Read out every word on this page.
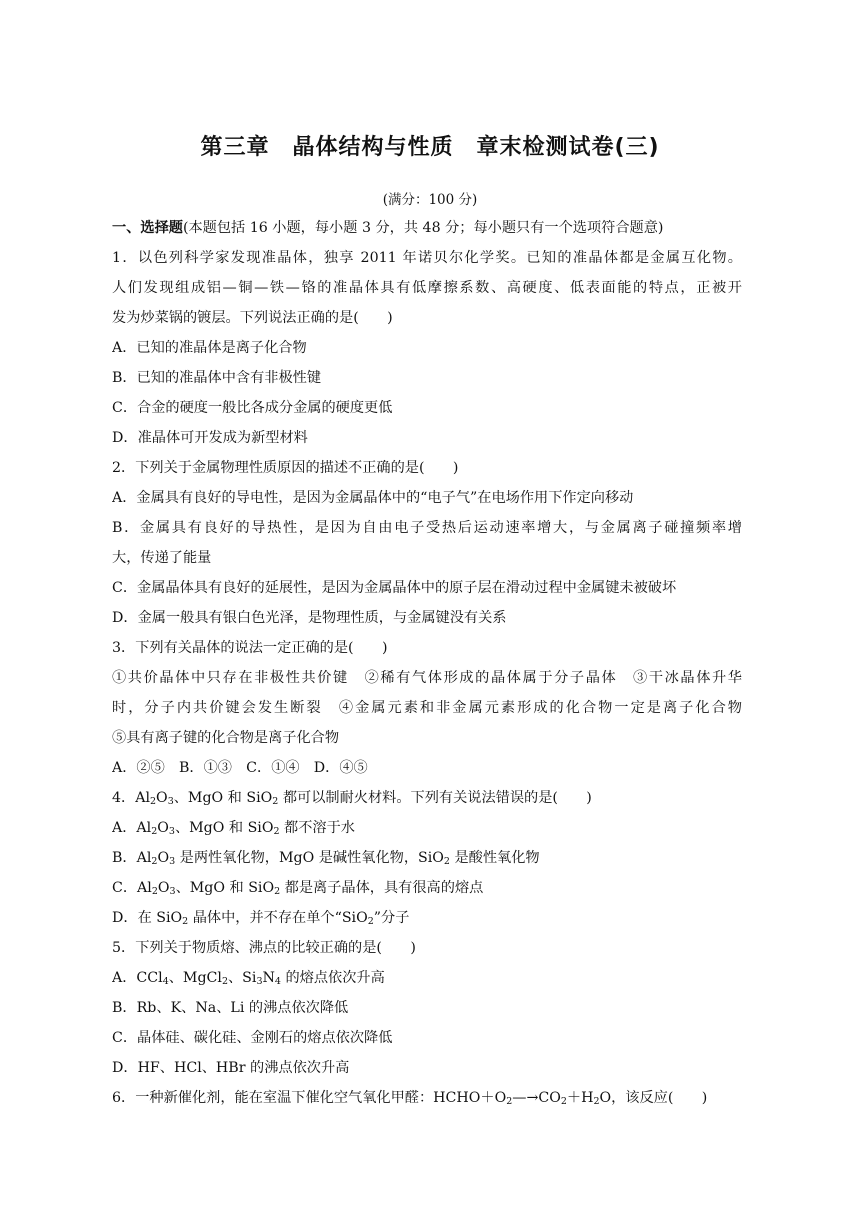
第三章　晶体结构与性质　章末检测试卷(三)
(满分：100 分)
一、选择题(本题包括 16 小题，每小题 3 分，共 48 分；每小题只有一个选项符合题意)
1．以色列科学家发现准晶体，独享 2011 年诺贝尔化学奖。已知的准晶体都是金属互化物。
人们发现组成铝—铜—铁—铬的准晶体具有低摩擦系数、高硬度、低表面能的特点，正被开
发为炒菜锅的镀层。下列说法正确的是(　　)
A．已知的准晶体是离子化合物
B．已知的准晶体中含有非极性键
C．合金的硬度一般比各成分金属的硬度更低
D．准晶体可开发成为新型材料
2．下列关于金属物理性质原因的描述不正确的是(　　)
A．金属具有良好的导电性，是因为金属晶体中的“电子气”在电场作用下作定向移动
B．金属具有良好的导热性，是因为自由电子受热后运动速率增大，与金属离子碰撞频率增
大，传递了能量
C．金属晶体具有良好的延展性，是因为金属晶体中的原子层在滑动过程中金属键未被破坏
D．金属一般具有银白色光泽，是物理性质，与金属键没有关系
3．下列有关晶体的说法一定正确的是(　　)
①共价晶体中只存在非极性共价键　②稀有气体形成的晶体属于分子晶体　③干冰晶体升华
时，分子内共价键会发生断裂　④金属元素和非金属元素形成的化合物一定是离子化合物
⑤具有离子键的化合物是离子化合物
A．②⑤　B．①③　C．①④　D．④⑤
4．$Al_2O_3$、MgO 和 SiO$_2$ 都可以制耐火材料。下列有关说法错误的是(　　)
A．$Al_2O_3$、MgO 和 SiO$_2$ 都不溶于水
B．$Al_2O_3$ 是两性氧化物，MgO 是碱性氧化物，SiO$_2$ 是酸性氧化物
C．$Al_2O_3$、MgO 和 SiO$_2$ 都是离子晶体，具有很高的熔点
D．在 SiO$_2$ 晶体中，并不存在单个“SiO$_2$”分子
5．下列关于物质熔、沸点的比较正确的是(　　)
A．CCl$_4$、MgCl$_2$、$Si_3N_4$ 的熔点依次升高
B．Rb、K、Na、Li 的沸点依次降低
C．晶体硅、碳化硅、金刚石的熔点依次降低
D．HF、HCl、HBr 的沸点依次升高
6．一种新催化剂，能在室温下催化空气氧化甲醛：$HCHO+O_2—\to CO_2+H_2O$，该反应(　　)
